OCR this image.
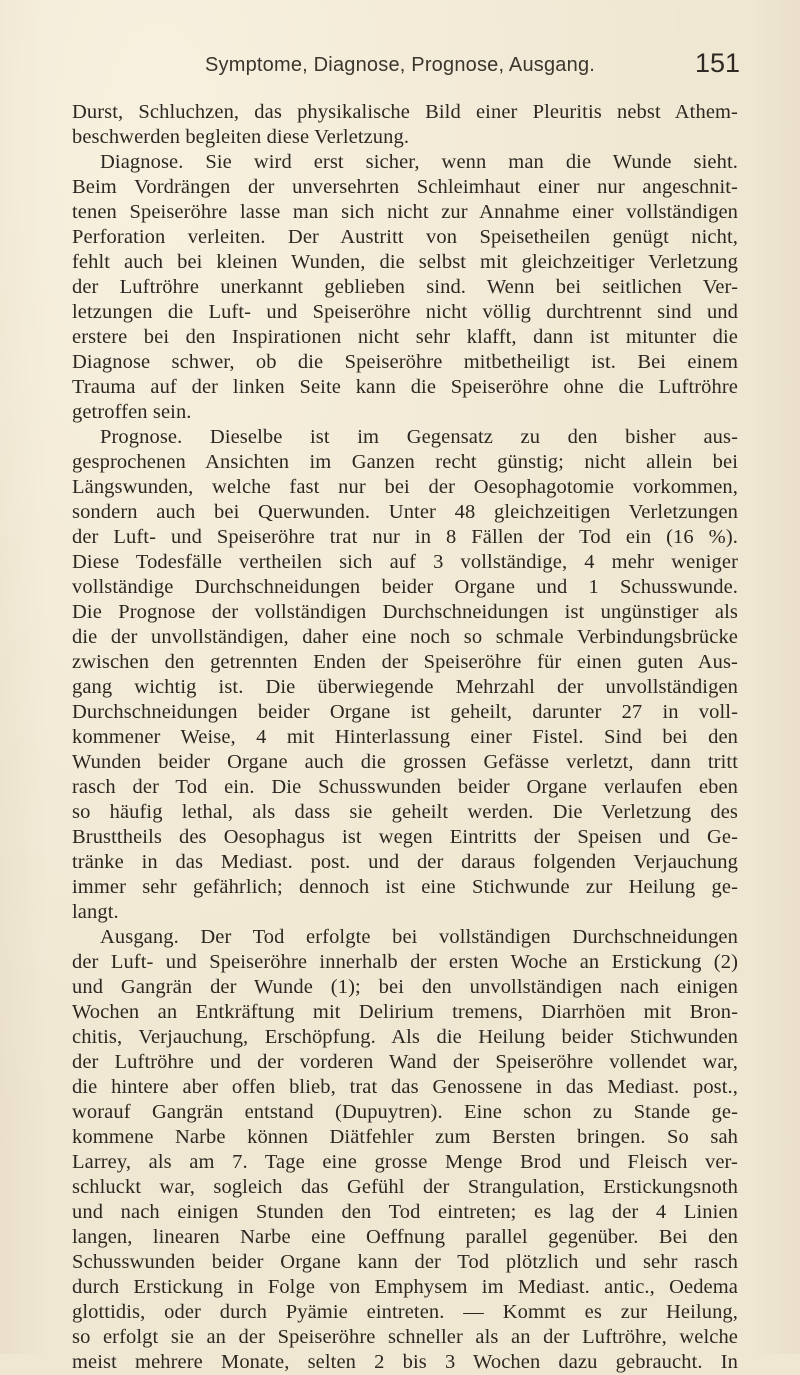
Symptome, Diagnose, Prognose, Ausgang.	151
Durst, Schluchzen, das physikalische Bild einer Pleuritis nebst Athem-
beschwerden begleiten diese Verletzung.
Diagnose. Sie wird erst sicher, wenn man die Wunde sieht.
Beim Vordrängen der unversehrten Schleimhaut einer nur angeschnit-
tenen Speiseröhre lasse man sich nicht zur Annahme einer vollständigen
Perforation verleiten. Der Austritt von Speisetheilen genügt nicht,
fehlt auch bei kleinen Wunden, die selbst mit gleichzeitiger Verletzung
der Luftröhre unerkannt geblieben sind. Wenn bei seitlichen Ver-
letzungen die Luft- und Speiseröhre nicht völlig durchtrennt sind und
erstere bei den Inspirationen nicht sehr klafft, dann ist mitunter die
Diagnose schwer, ob die Speiseröhre mitbetheiligt ist. Bei einem
Trauma auf der linken Seite kann die Speiseröhre ohne die Luftröhre
getroffen sein.
Prognose. Dieselbe ist im Gegensatz zu den bisher aus-
gesprochenen Ansichten im Ganzen recht günstig; nicht allein bei
Längswunden, welche fast nur bei der Oesophagotomie vorkommen,
sondern auch bei Querwunden. Unter 48 gleichzeitigen Verletzungen
der Luft- und Speiseröhre trat nur in 8 Fällen der Tod ein (16 %).
Diese Todesfälle vertheilen sich auf 3 vollständige, 4 mehr weniger
vollständige Durchschneidungen beider Organe und 1 Schusswunde.
Die Prognose der vollständigen Durchschneidungen ist ungünstiger als
die der unvollständigen, daher eine noch so schmale Verbindungsbrücke
zwischen den getrennten Enden der Speiseröhre für einen guten Aus-
gang wichtig ist. Die überwiegende Mehrzahl der unvollständigen
Durchschneidungen beider Organe ist geheilt, darunter 27 in voll-
kommener Weise, 4 mit Hinterlassung einer Fistel. Sind bei den
Wunden beider Organe auch die grossen Gefässe verletzt, dann tritt
rasch der Tod ein. Die Schusswunden beider Organe verlaufen eben
so häufig lethal, als dass sie geheilt werden. Die Verletzung des
Brusttheils des Oesophagus ist wegen Eintritts der Speisen und Ge-
tränke in das Mediast. post. und der daraus folgenden Verjauchung
immer sehr gefährlich; dennoch ist eine Stichwunde zur Heilung ge-
langt.
Ausgang. Der Tod erfolgte bei vollständigen Durchschneidungen
der Luft- und Speiseröhre innerhalb der ersten Woche an Erstickung (2)
und Gangrän der Wunde (1); bei den unvollständigen nach einigen
Wochen an Entkräftung mit Delirium tremens, Diarrhöen mit Bron-
chitis, Verjauchung, Erschöpfung. Als die Heilung beider Stichwunden
der Luftröhre und der vorderen Wand der Speiseröhre vollendet war,
die hintere aber offen blieb, trat das Genossene in das Mediast. post.,
worauf Gangrän entstand (Dupuytren). Eine schon zu Stande ge-
kommene Narbe können Diätfehler zum Bersten bringen. So sah
Larrey, als am 7. Tage eine grosse Menge Brod und Fleisch ver-
schluckt war, sogleich das Gefühl der Strangulation, Erstickungsnoth
und nach einigen Stunden den Tod eintreten; es lag der 4 Linien
langen, linearen Narbe eine Oeffnung parallel gegenüber. Bei den
Schusswunden beider Organe kann der Tod plötzlich und sehr rasch
durch Erstickung in Folge von Emphysem im Mediast. antic., Oedema
glottidis, oder durch Pyämie eintreten. — Kommt es zur Heilung,
so erfolgt sie an der Speiseröhre schneller als an der Luftröhre, welche
meist mehrere Monate, selten 2 bis 3 Wochen dazu gebraucht. In
